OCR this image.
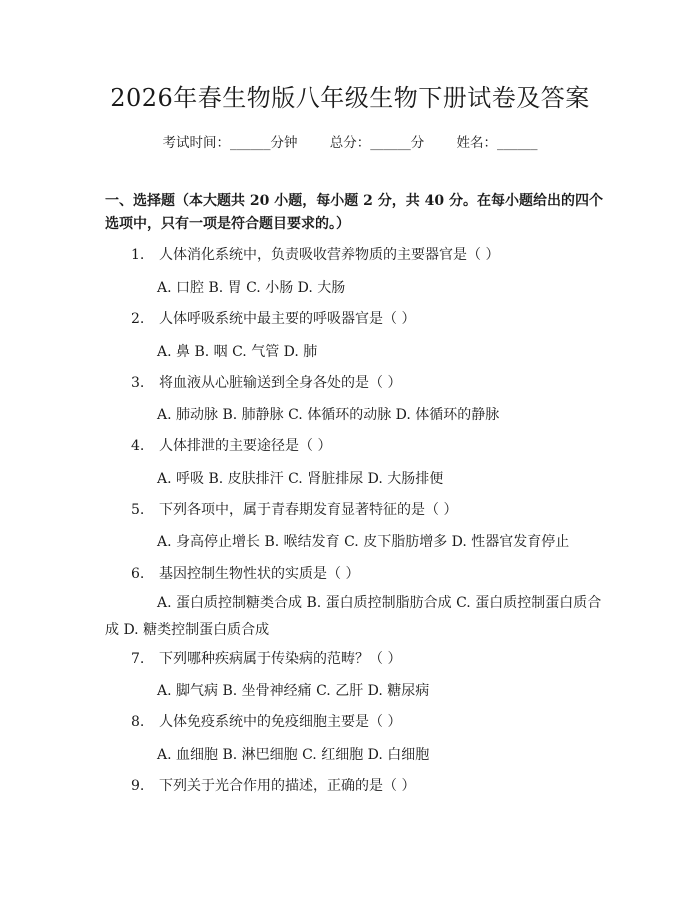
2026年春生物版八年级生物下册试卷及答案
考试时间：______分钟 总分：______分 姓名：______
一、选择题（本大题共 20 小题，每小题 2 分，共 40 分。在每小题给出的四个选项中，只有一项是符合题目要求的。）
1. 人体消化系统中，负责吸收营养物质的主要器官是（ ）
A. 口腔 B. 胃 C. 小肠 D. 大肠
2. 人体呼吸系统中最主要的呼吸器官是（ ）
A. 鼻 B. 咽 C. 气管 D. 肺
3. 将血液从心脏输送到全身各处的是（ ）
A. 肺动脉 B. 肺静脉 C. 体循环的动脉 D. 体循环的静脉
4. 人体排泄的主要途径是（ ）
A. 呼吸 B. 皮肤排汗 C. 肾脏排尿 D. 大肠排便
5. 下列各项中，属于青春期发育显著特征的是（ ）
A. 身高停止增长 B. 喉结发育 C. 皮下脂肪增多 D. 性器官发育停止
6. 基因控制生物性状的实质是（ ）
A. 蛋白质控制糖类合成 B. 蛋白质控制脂肪合成 C. 蛋白质控制蛋白质合成 D. 糖类控制蛋白质合成
7. 下列哪种疾病属于传染病的范畴？（ ）
A. 脚气病 B. 坐骨神经痛 C. 乙肝 D. 糖尿病
8. 人体免疫系统中的免疫细胞主要是（ ）
A. 血细胞 B. 淋巴细胞 C. 红细胞 D. 白细胞
9. 下列关于光合作用的描述，正确的是（ ）
